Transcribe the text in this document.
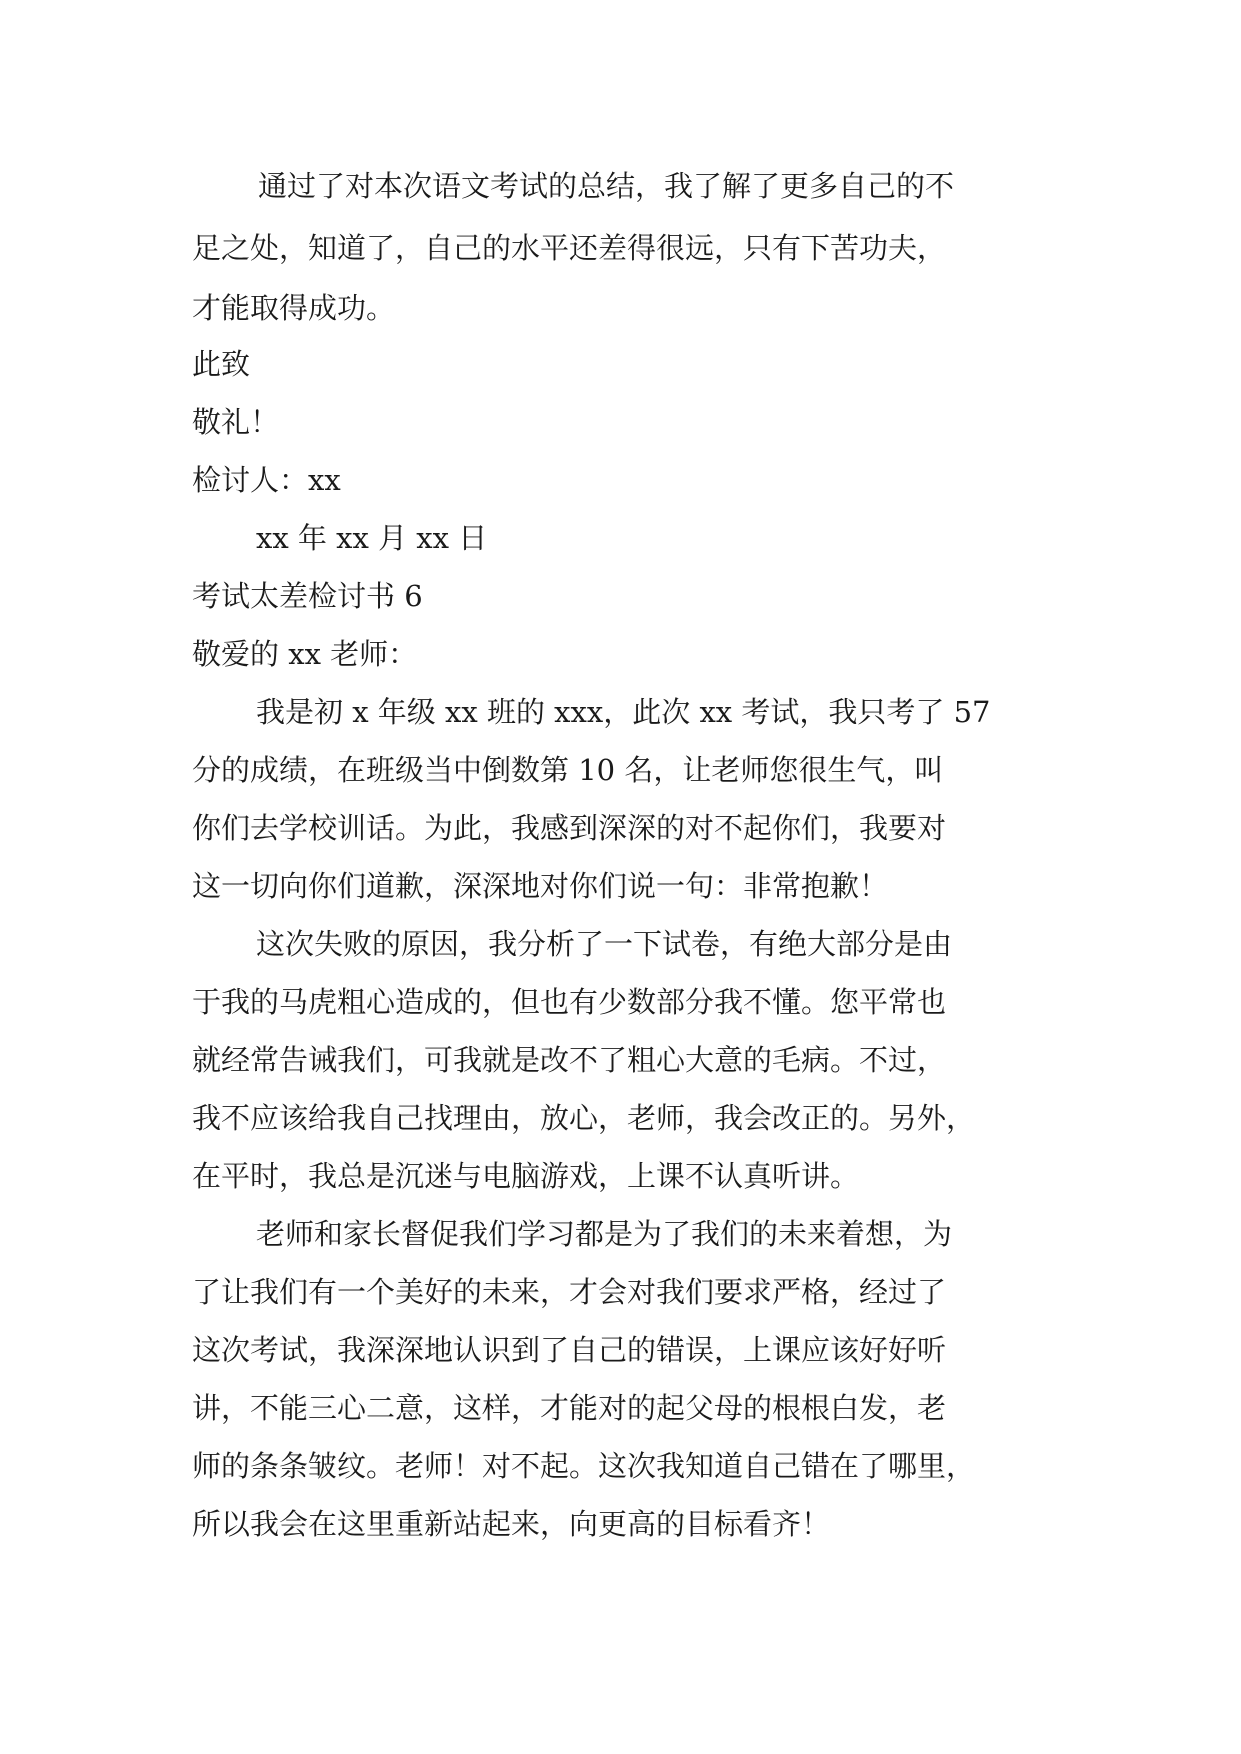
通过了对本次语文考试的总结，我了解了更多自己的不
足之处，知道了，自己的水平还差得很远，只有下苦功夫，
才能取得成功。
此致
敬礼！
检讨人：xx
xx 年 xx 月 xx 日
考试太差检讨书 6
敬爱的 xx 老师：
我是初 x 年级 xx 班的 xxx，此次 xx 考试，我只考了 57
分的成绩，在班级当中倒数第 10 名，让老师您很生气，叫
你们去学校训话。为此，我感到深深的对不起你们，我要对
这一切向你们道歉，深深地对你们说一句：非常抱歉！
这次失败的原因，我分析了一下试卷，有绝大部分是由
于我的马虎粗心造成的，但也有少数部分我不懂。您平常也
就经常告诫我们，可我就是改不了粗心大意的毛病。不过，
我不应该给我自己找理由，放心，老师，我会改正的。另外，
在平时，我总是沉迷与电脑游戏，上课不认真听讲。
老师和家长督促我们学习都是为了我们的未来着想，为
了让我们有一个美好的未来，才会对我们要求严格，经过了
这次考试，我深深地认识到了自己的错误，上课应该好好听
讲，不能三心二意，这样，才能对的起父母的根根白发，老
师的条条皱纹。老师！对不起。这次我知道自己错在了哪里，
所以我会在这里重新站起来，向更高的目标看齐！
